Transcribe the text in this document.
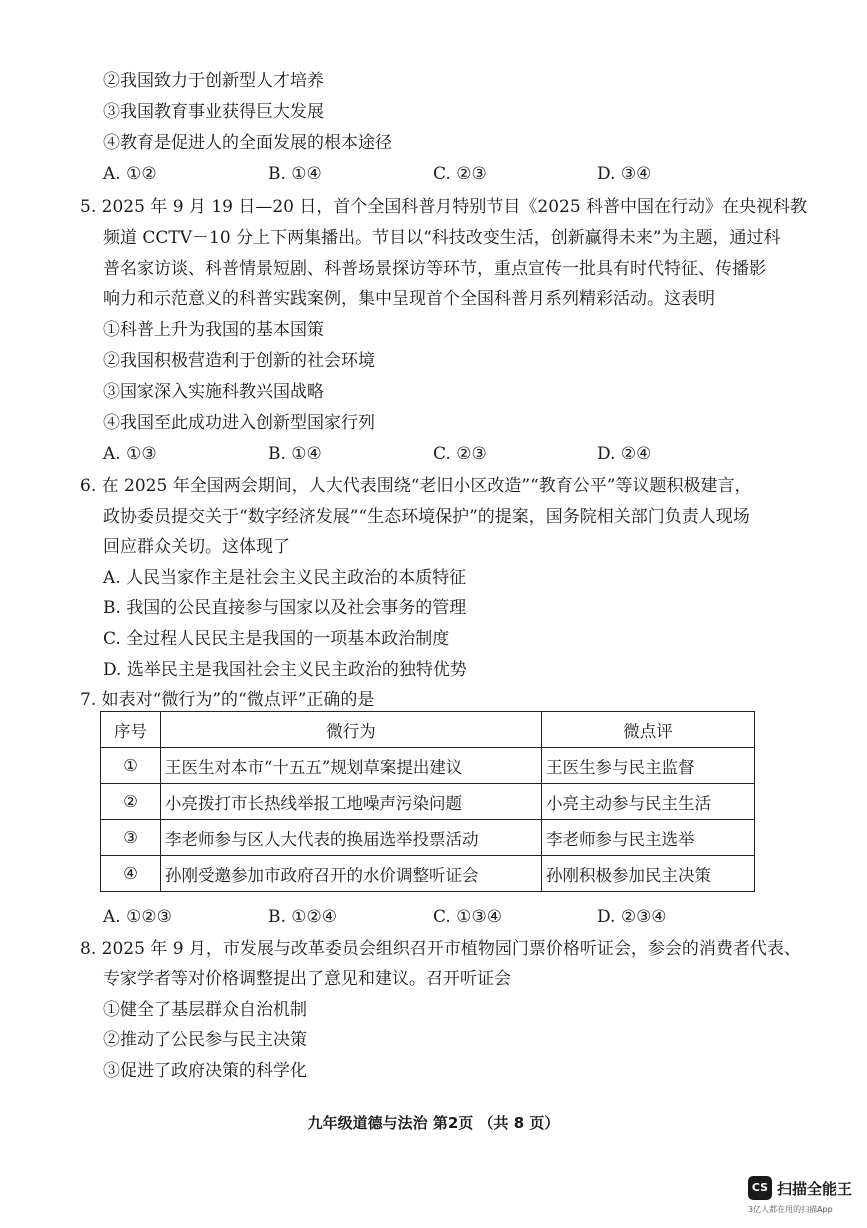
②我国致力于创新型人才培养
③我国教育事业获得巨大发展
④教育是促进人的全面发展的根本途径
A. ①②	B. ①④	C. ②③	D. ③④
5. 2025 年 9 月 19 日—20 日，首个全国科普月特别节目《2025 科普中国在行动》在央视科教
频道 CCTV－10 分上下两集播出。节目以“科技改变生活，创新赢得未来”为主题，通过科
普名家访谈、科普情景短剧、科普场景探访等环节，重点宣传一批具有时代特征、传播影
响力和示范意义的科普实践案例，集中呈现首个全国科普月系列精彩活动。这表明
①科普上升为我国的基本国策
②我国积极营造利于创新的社会环境
③国家深入实施科教兴国战略
④我国至此成功进入创新型国家行列
A. ①③	B. ①④	C. ②③	D. ②④
6. 在 2025 年全国两会期间，人大代表围绕“老旧小区改造”“教育公平”等议题积极建言，
政协委员提交关于“数字经济发展”“生态环境保护”的提案，国务院相关部门负责人现场
回应群众关切。这体现了
A. 人民当家作主是社会主义民主政治的本质特征
B. 我国的公民直接参与国家以及社会事务的管理
C. 全过程人民民主是我国的一项基本政治制度
D. 选举民主是我国社会主义民主政治的独特优势
7. 如表对“微行为”的“微点评”正确的是
序号	微行为	微点评
①	王医生对本市“十五五”规划草案提出建议	王医生参与民主监督
②	小亮拨打市长热线举报工地噪声污染问题	小亮主动参与民主生活
③	李老师参与区人大代表的换届选举投票活动	李老师参与民主选举
④	孙刚受邀参加市政府召开的水价调整听证会	孙刚积极参加民主决策
A. ①②③	B. ①②④	C. ①③④	D. ②③④
8. 2025 年 9 月，市发展与改革委员会组织召开市植物园门票价格听证会，参会的消费者代表、
专家学者等对价格调整提出了意见和建议。召开听证会
①健全了基层群众自治机制
②推动了公民参与民主决策
③促进了政府决策的科学化
九年级道德与法治 第2页 （共 8 页）
CS 扫描全能王
3亿人都在用的扫描App
